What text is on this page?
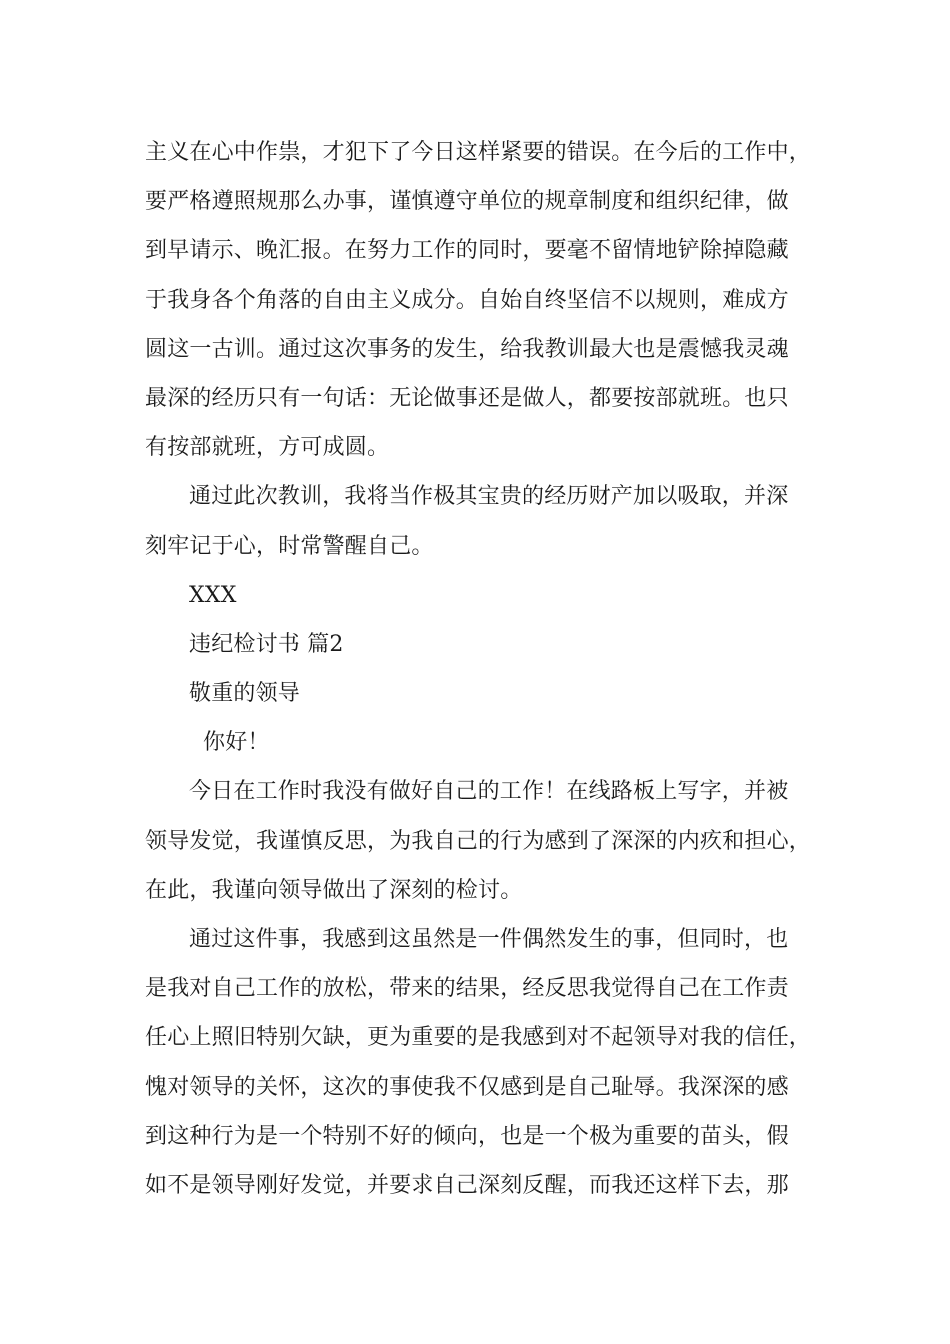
主义在心中作祟，才犯下了今日这样紧要的错误。在今后的工作中，
要严格遵照规那么办事，谨慎遵守单位的规章制度和组织纪律，做
到早请示、晚汇报。在努力工作的同时，要毫不留情地铲除掉隐藏
于我身各个角落的自由主义成分。自始自终坚信不以规则，难成方
圆这一古训。通过这次事务的发生，给我教训最大也是震憾我灵魂
最深的经历只有一句话：无论做事还是做人，都要按部就班。也只
有按部就班，方可成圆。
通过此次教训，我将当作极其宝贵的经历财产加以吸取，并深
刻牢记于心，时常警醒自己。
XXX
违纪检讨书 篇2
敬重的领导
你好！
今日在工作时我没有做好自己的工作！在线路板上写字，并被
领导发觉，我谨慎反思，为我自己的行为感到了深深的内疚和担心，
在此，我谨向领导做出了深刻的检讨。
通过这件事，我感到这虽然是一件偶然发生的事，但同时，也
是我对自己工作的放松，带来的结果，经反思我觉得自己在工作责
任心上照旧特别欠缺，更为重要的是我感到对不起领导对我的信任，
愧对领导的关怀，这次的事使我不仅感到是自己耻辱。我深深的感
到这种行为是一个特别不好的倾向，也是一个极为重要的苗头，假
如不是领导刚好发觉，并要求自己深刻反醒，而我还这样下去，那
